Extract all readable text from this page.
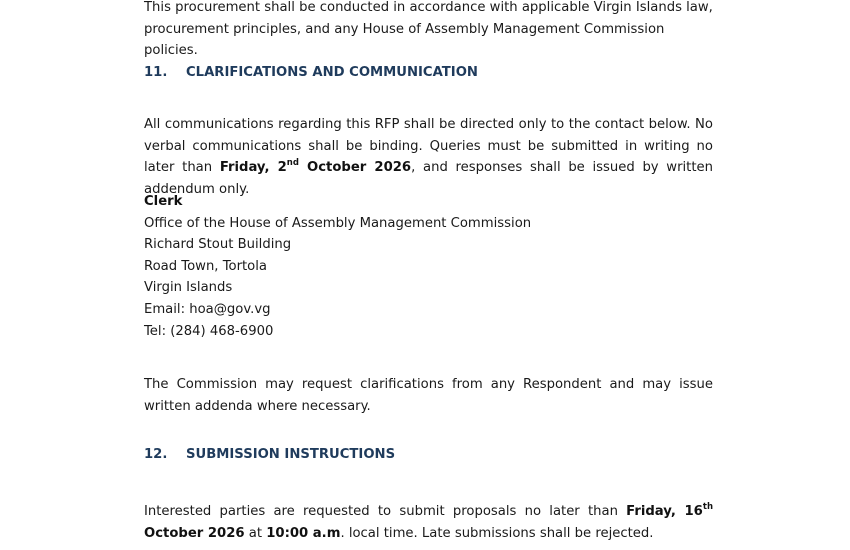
This procurement shall be conducted in accordance with applicable Virgin Islands law,
procurement principles, and any House of Assembly Management Commission policies.

11. CLARIFICATIONS AND COMMUNICATION

All communications regarding this RFP shall be directed only to the contact below. No verbal communications shall be binding. Queries must be submitted in writing no later than Friday, 2nd October 2026, and responses shall be issued by written addendum only.

Clerk
Office of the House of Assembly Management Commission
Richard Stout Building
Road Town, Tortola
Virgin Islands
Email: hoa@gov.vg
Tel: (284) 468-6900

The Commission may request clarifications from any Respondent and may issue written addenda where necessary.

12. SUBMISSION INSTRUCTIONS

Interested parties are requested to submit proposals no later than Friday, 16th October 2026 at 10:00 a.m. local time. Late submissions shall be rejected.
